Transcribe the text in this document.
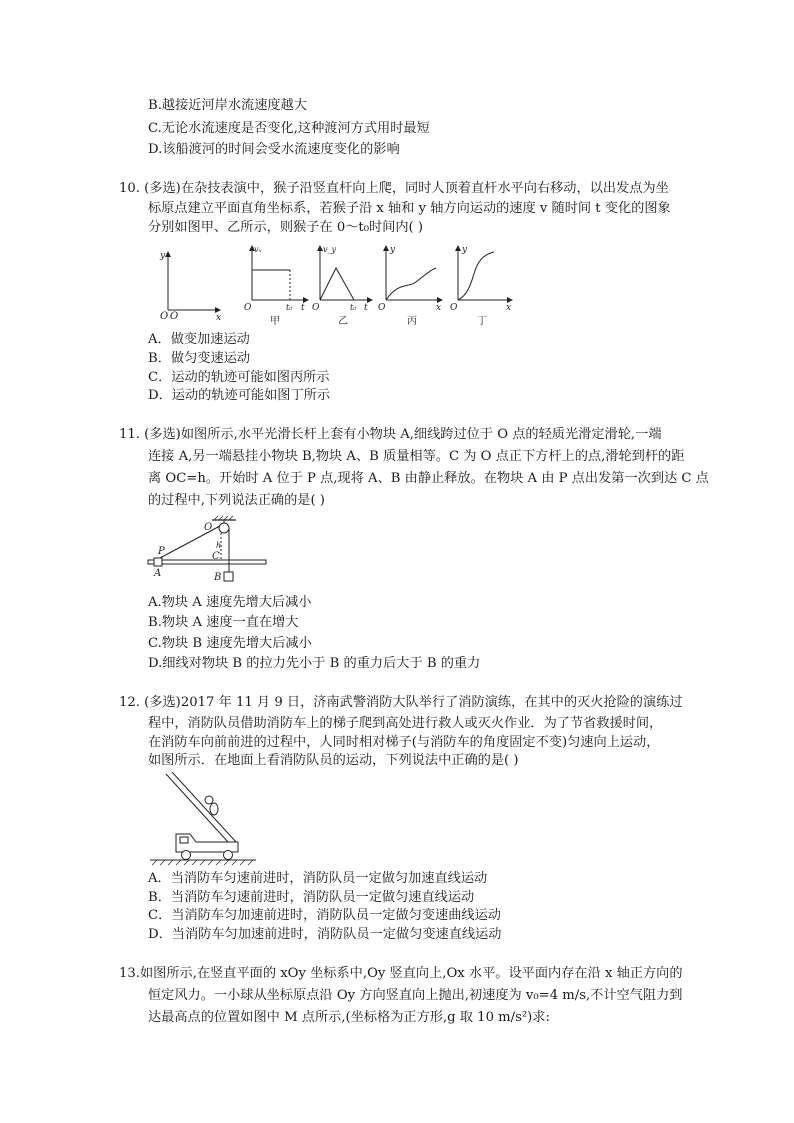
B.越接近河岸水流速度越大
C.无论水流速度是否变化,这种渡河方式用时最短
D.该船渡河的时间会受水流速度变化的影响
10. (多选)在杂技表演中，猴子沿竖直杆向上爬，同时人顶着直杆水平向右移动，以出发点为坐
标原点建立平面直角坐标系，若猴子沿 x 轴和 y 轴方向运动的速度 v 随时间 t 变化的图象
分别如图甲、乙所示，则猴子在 0～t₀时间内( )
y
x
O O
vₓ
O	t₀ t
甲
v_y
O	t₀ t
乙
y
O	x
丙
y
O	x
丁
A．做变加速运动
B．做匀变速运动
C．运动的轨迹可能如图丙所示
D．运动的轨迹可能如图丁所示
11. (多选)如图所示,水平光滑长杆上套有小物块 A,细线跨过位于 O 点的轻质光滑定滑轮,一端
连接 A,另一端悬挂小物块 B,物块 A、B 质量相等。C 为 O 点正下方杆上的点,滑轮到杆的距
离 OC=h。开始时 A 位于 P 点,现将 A、B 由静止释放。在物块 A 由 P 点出发第一次到达 C 点
的过程中,下列说法正确的是( )
O
h
C
P
A	B
A.物块 A 速度先增大后减小
B.物块 A 速度一直在增大
C.物块 B 速度先增大后减小
D.细线对物块 B 的拉力先小于 B 的重力后大于 B 的重力
12. (多选)2017 年 11 月 9 日，济南武警消防大队举行了消防演练，在其中的灭火抢险的演练过
程中，消防队员借助消防车上的梯子爬到高处进行救人或灭火作业．为了节省救援时间，
在消防车向前前进的过程中，人同时相对梯子(与消防车的角度固定不变)匀速向上运动，
如图所示．在地面上看消防队员的运动，下列说法中正确的是( )
A．当消防车匀速前进时，消防队员一定做匀加速直线运动
B．当消防车匀速前进时，消防队员一定做匀速直线运动
C．当消防车匀加速前进时，消防队员一定做匀变速曲线运动
D．当消防车匀加速前进时，消防队员一定做匀变速直线运动
13.如图所示,在竖直平面的 xOy 坐标系中,Oy 竖直向上,Ox 水平。设平面内存在沿 x 轴正方向的
恒定风力。一小球从坐标原点沿 Oy 方向竖直向上抛出,初速度为 v₀=4 m/s,不计空气阻力到
达最高点的位置如图中 M 点所示,(坐标格为正方形,g 取 10 m/s²)求:
